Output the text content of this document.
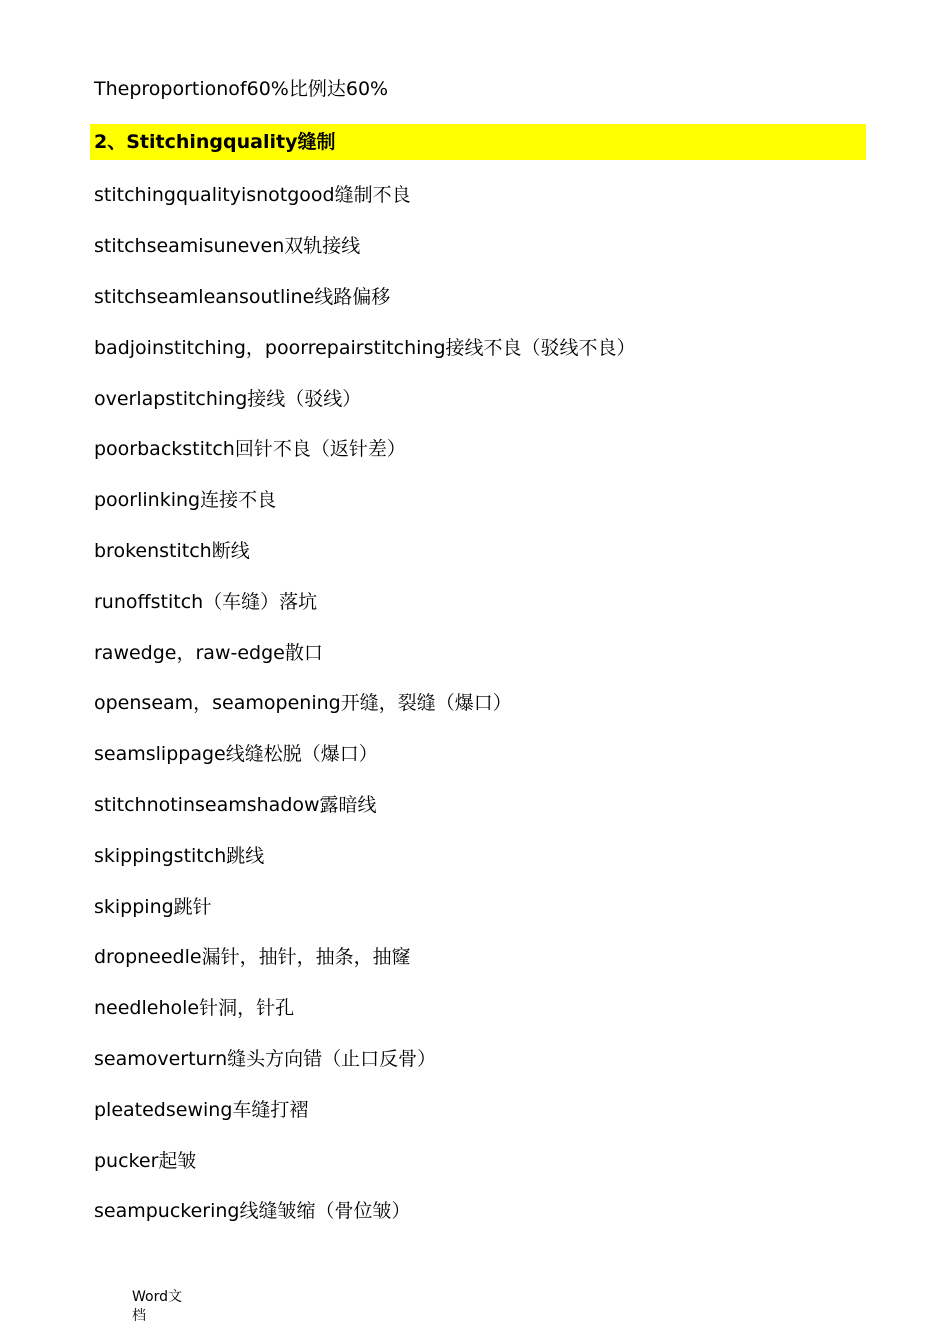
Theproportionof60%比例达60%
2、Stitchingquality缝制
stitchingqualityisnotgood缝制不良
stitchseamisuneven双轨接线
stitchseamleansoutline线路偏移
badjoinstitching，poorrepairstitching接线不良（驳线不良）
overlapstitching接线（驳线）
poorbackstitch回针不良（返针差）
poorlinking连接不良
brokenstitch断线
runoffstitch（车缝）落坑
rawedge，raw-edge散口
openseam，seamopening开缝，裂缝（爆口）
seamslippage线缝松脱（爆口）
stitchnotinseamshadow露暗线
skippingstitch跳线
skipping跳针
dropneedle漏针，抽针，抽条，抽窿
needlehole针洞，针孔
seamoverturn缝头方向错（止口反骨）
pleatedsewing车缝打褶
pucker起皱
seampuckering线缝皱缩（骨位皱）
Word文档
